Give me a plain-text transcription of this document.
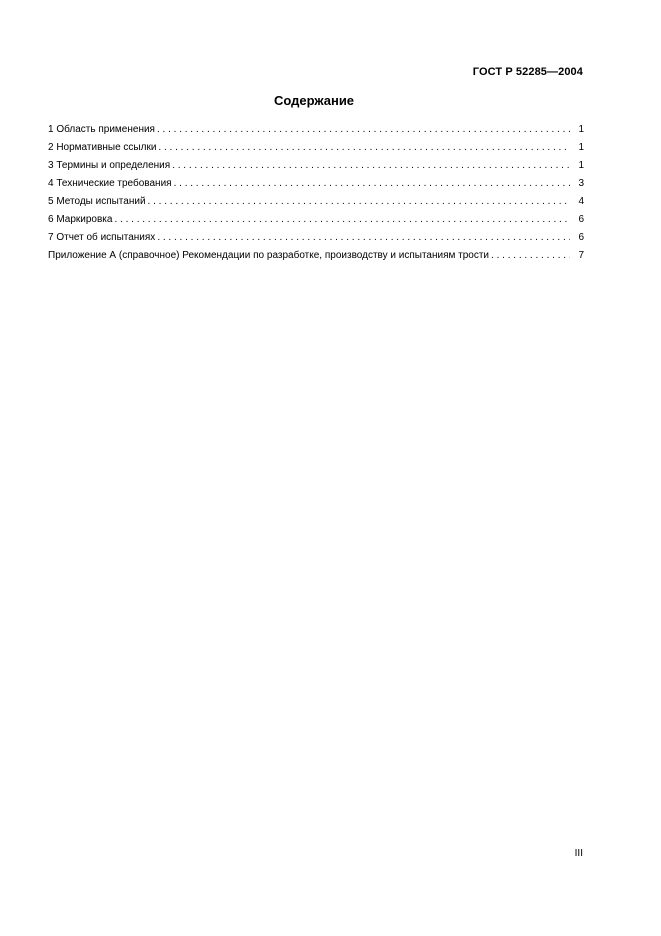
ГОСТ Р 52285—2004
Содержание
1 Область применения . . .	1
2 Нормативные ссылки . . .	1
3 Термины и определения . . .	1
4 Технические требования . . .	3
5 Методы испытаний . . .	4
6 Маркировка . . .	6
7 Отчет об испытаниях . . .	6
Приложение А (справочное) Рекомендации по разработке, производству и испытаниям трости . . .	7
III
